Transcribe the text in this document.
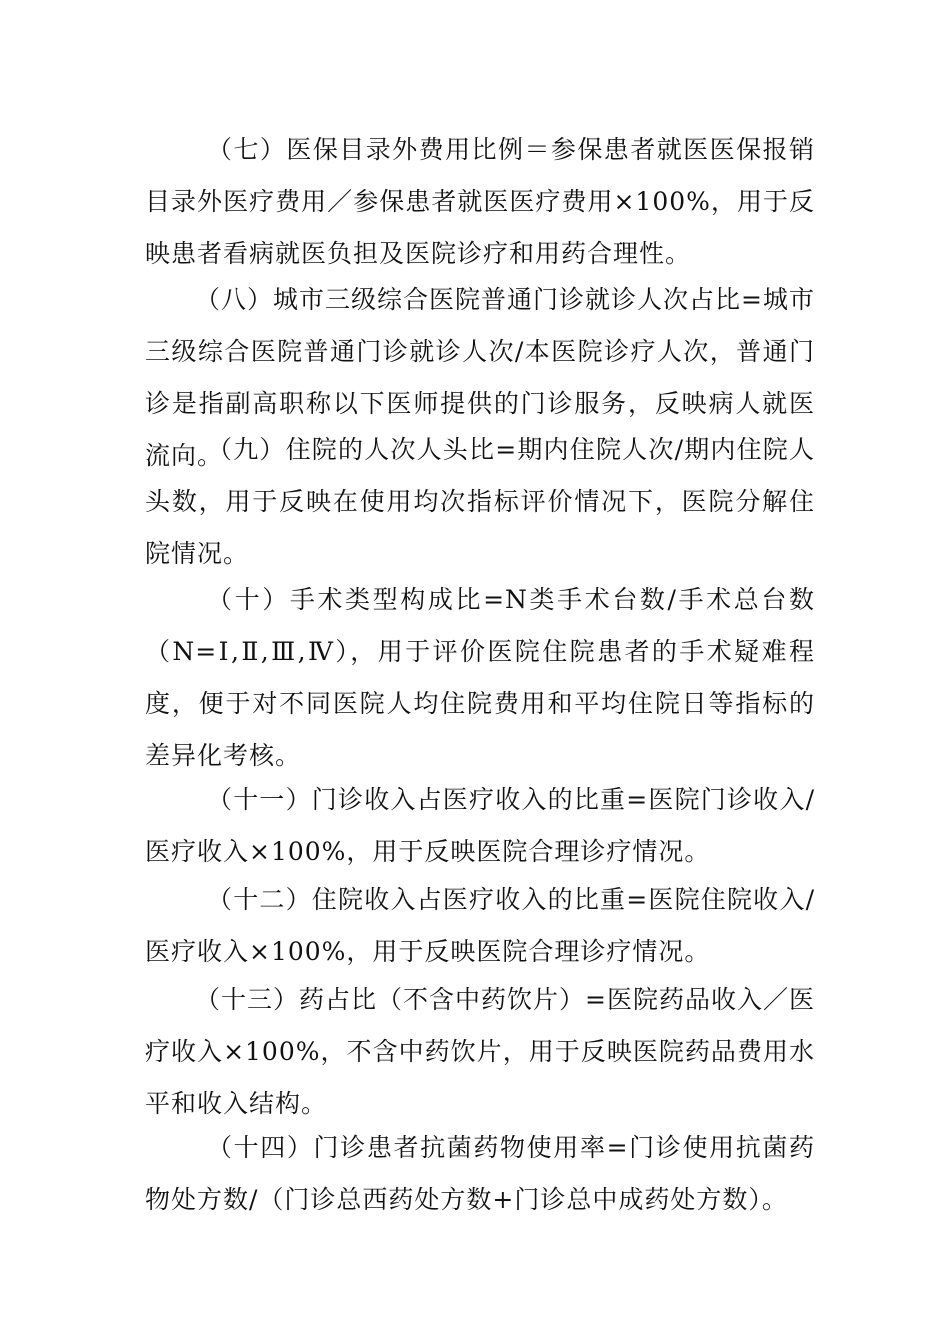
（七）医保目录外费用比例＝参保患者就医医保报销目录外医疗费用／参保患者就医医疗费用×100%，用于反映患者看病就医负担及医院诊疗和用药合理性。

（八）城市三级综合医院普通门诊就诊人次占比=城市三级综合医院普通门诊就诊人次/本医院诊疗人次，普通门诊是指副高职称以下医师提供的门诊服务，反映病人就医流向。

（九）住院的人次人头比=期内住院人次/期内住院人头数，用于反映在使用均次指标评价情况下，医院分解住院情况。

（十）手术类型构成比=N类手术台数/手术总台数（N=Ⅰ,Ⅱ,Ⅲ,Ⅳ），用于评价医院住院患者的手术疑难程度，便于对不同医院人均住院费用和平均住院日等指标的差异化考核。

（十一）门诊收入占医疗收入的比重=医院门诊收入/医疗收入×100%，用于反映医院合理诊疗情况。

（十二）住院收入占医疗收入的比重=医院住院收入/医疗收入×100%，用于反映医院合理诊疗情况。

（十三）药占比（不含中药饮片）=医院药品收入／医疗收入×100%，不含中药饮片，用于反映医院药品费用水平和收入结构。

（十四）门诊患者抗菌药物使用率=门诊使用抗菌药物处方数/（门诊总西药处方数+门诊总中成药处方数）。
